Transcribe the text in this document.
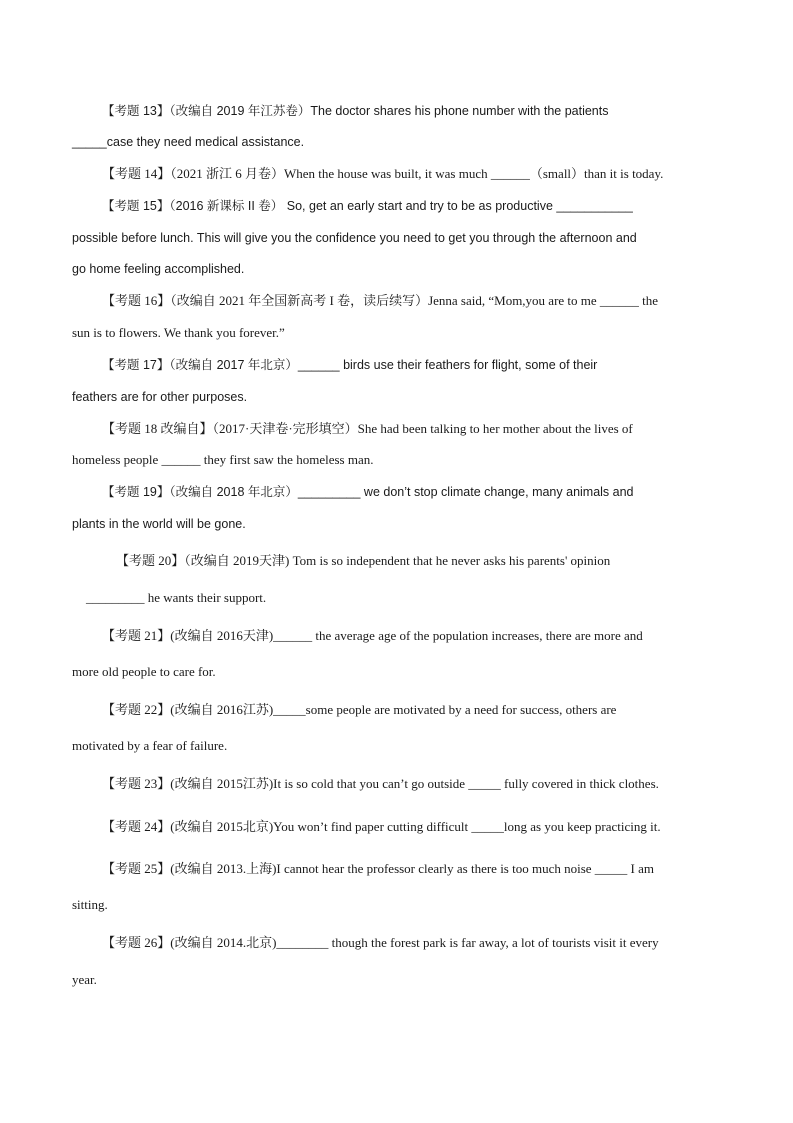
【考题 13】（改编自 2019 年江苏卷）The doctor shares his phone number with the patients
_____case they need medical assistance.
【考题 14】（2021 浙江 6 月卷）When the house was built, it was much ______（small）than it is today.
【考题 15】（2016 新课标 II 卷） So, get an early start and try to be as productive ___________
possible before lunch. This will give you the confidence you need to get you through the afternoon and
go home feeling accomplished.
【考题 16】（改编自 2021 年全国新高考 I 卷，读后续写）Jenna said, “Mom,you are to me ______ the
sun is to flowers. We thank you forever.”
【考题 17】（改编自 2017 年北京）______ birds use their feathers for flight, some of their
feathers are for other purposes.
【考题 18 改编自】（2017·天津卷·完形填空）She had been talking to her mother about the lives of
homeless people ______ they first saw the homeless man.
【考题 19】（改编自 2018 年北京）_________ we don’t stop climate change, many animals and
plants in the world will be gone.
【考题 20】（改编自 2019天津) Tom is so independent that he never asks his parents' opinion
_________ he wants their support.
【考题 21】(改编自 2016天津)______ the average age of the population increases, there are more and
more old people to care for.
【考题 22】(改编自 2016江苏)_____some people are motivated by a need for success, others are
motivated by a fear of failure.
【考题 23】(改编自 2015江苏)It is so cold that you can’t go outside _____ fully covered in thick clothes.
【考题 24】(改编自 2015北京)You won’t find paper cutting difficult _____long as you keep practicing it.
【考题 25】(改编自 2013.上海)I cannot hear the professor clearly as there is too much noise _____ I am
sitting.
【考题 26】(改编自 2014.北京)________ though the forest park is far away, a lot of tourists visit it every
year.
